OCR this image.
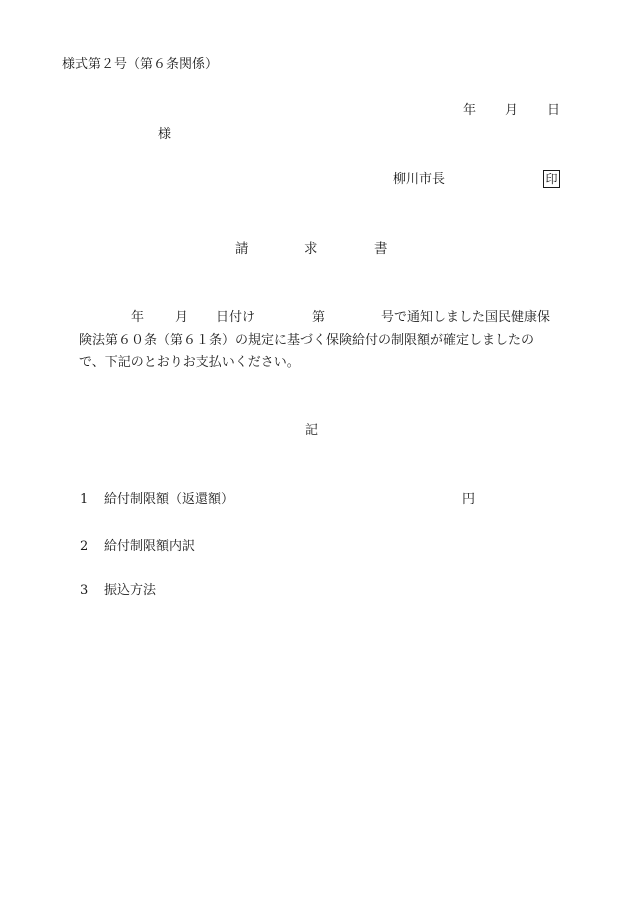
様式第２号（第６条関係）
年 月 日
様
柳川市長	印
請	求	書
年 月 日付け	第	号で通知しました国民健康保
険法第６０条（第６１条）の規定に基づく保険給付の制限額が確定しましたの
で、下記のとおりお支払いください。
記
1 給付制限額（返還額）	円
2 給付制限額内訳
3 振込方法
